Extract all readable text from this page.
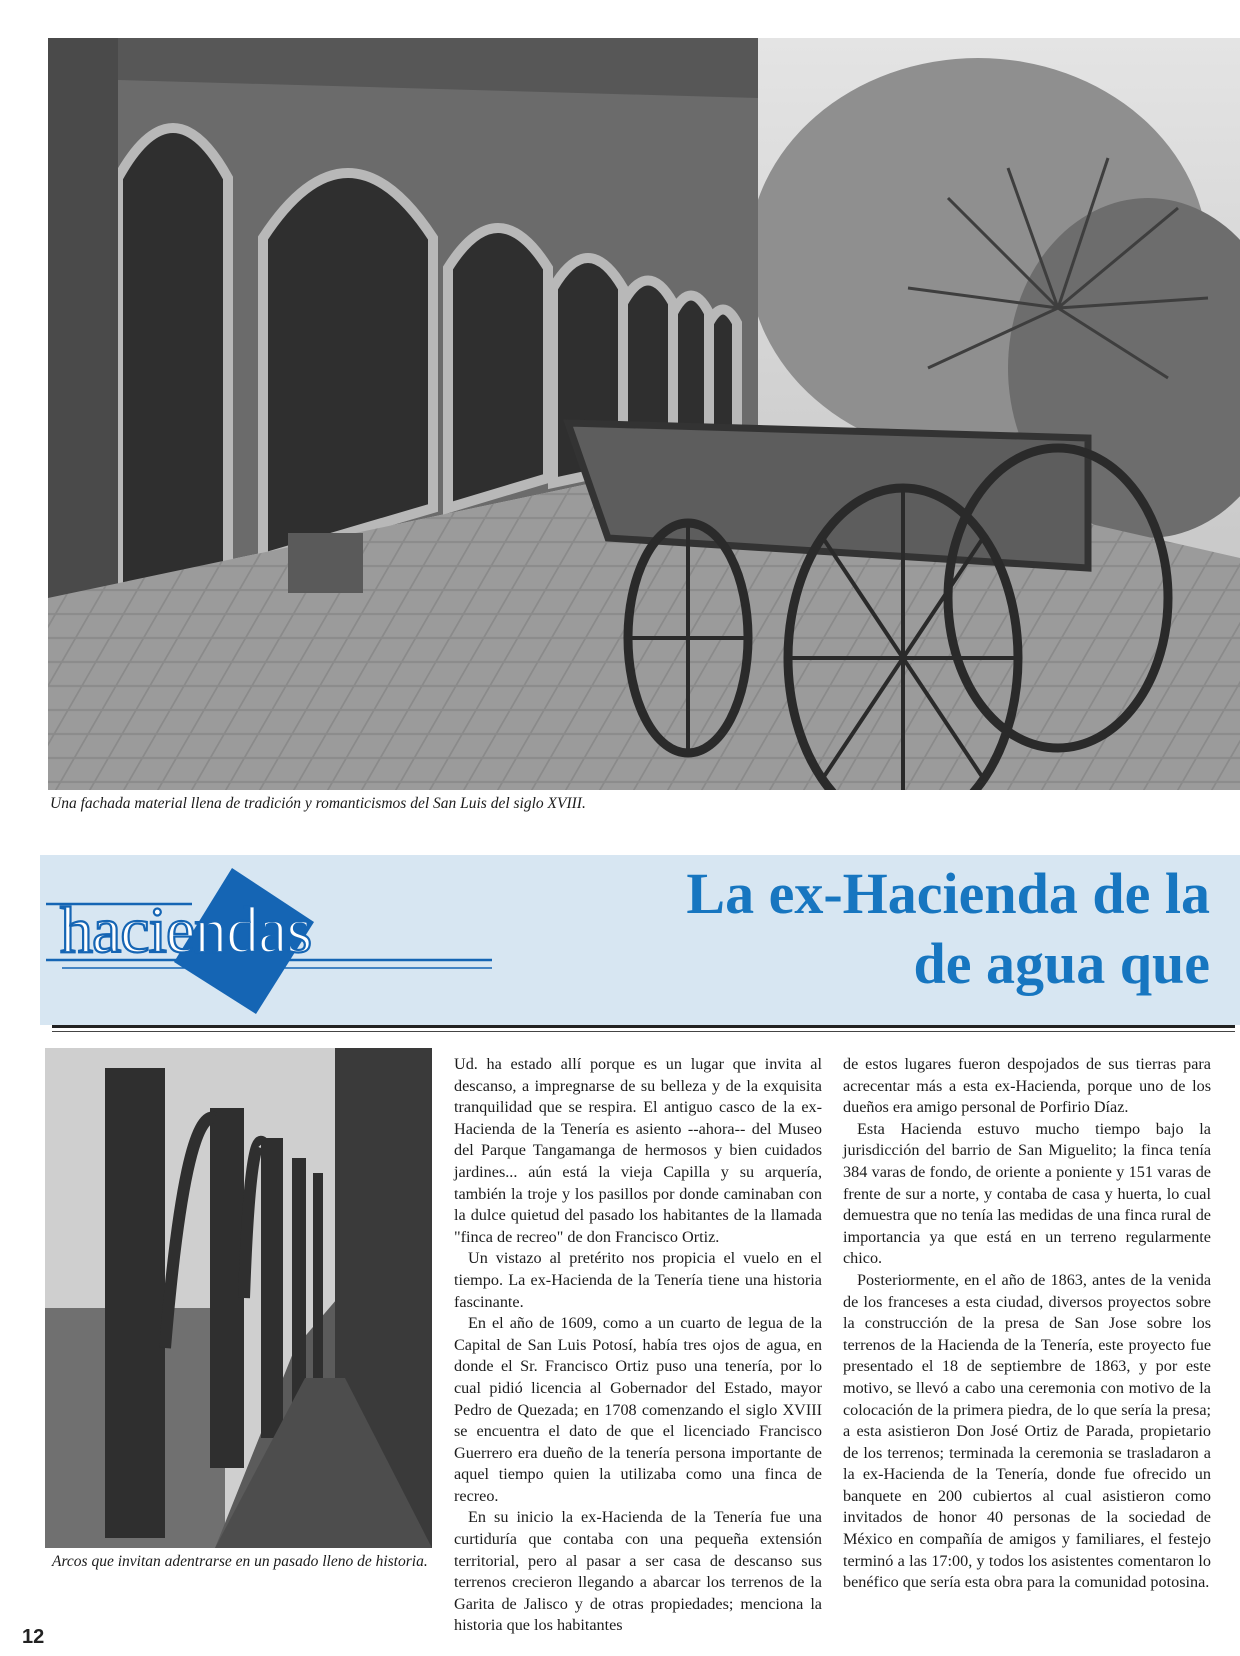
Una fachada material llena de tradición y romanticismos del San Luis del siglo XVIII.

La ex-Hacienda de la
de agua que
haciendas

Arcos que invitan adentrarse en un pasado lleno de historia.

Ud. ha estado allí porque es un lugar que invita al descanso, a impregnarse de su belleza y de la exquisita tranquilidad que se respira. El antiguo casco de la ex-Hacienda de la Tenería es asiento --ahora-- del Museo del Parque Tangamanga de hermosos y bien cuidados jardines... aún está la vieja Capilla y su arquería, también la troje y los pasillos por donde caminaban con la dulce quietud del pasado los habitantes de la llamada "finca de recreo" de don Francisco Ortiz.

Un vistazo al pretérito nos propicia el vuelo en el tiempo. La ex-Hacienda de la Tenería tiene una historia fascinante.

En el año de 1609, como a un cuarto de legua de la Capital de San Luis Potosí, había tres ojos de agua, en donde el Sr. Francisco Ortiz puso una tenería, por lo cual pidió licencia al Gobernador del Estado, mayor Pedro de Quezada; en 1708 comenzando el siglo XVIII se encuentra el dato de que el licenciado Francisco Guerrero era dueño de la tenería persona importante de aquel tiempo quien la utilizaba como una finca de recreo.

En su inicio la ex-Hacienda de la Tenería fue una curtiduría que contaba con una pequeña extensión territorial, pero al pasar a ser casa de descanso sus terrenos crecieron llegando a abarcar los terrenos de la Garita de Jalisco y de otras propiedades; menciona la historia que los habitantes

de estos lugares fueron despojados de sus tierras para acrecentar más a esta ex-Hacienda, porque uno de los dueños era amigo personal de Porfirio Díaz.

Esta Hacienda estuvo mucho tiempo bajo la jurisdicción del barrio de San Miguelito; la finca tenía 384 varas de fondo, de oriente a poniente y 151 varas de frente de sur a norte, y contaba de casa y huerta, lo cual demuestra que no tenía las medidas de una finca rural de importancia ya que está en un terreno regularmente chico.

Posteriormente, en el año de 1863, antes de la venida de los franceses a esta ciudad, diversos proyectos sobre la construcción de la presa de San Jose sobre los terrenos de la Hacienda de la Tenería, este proyecto fue presentado el 18 de septiembre de 1863, y por este motivo, se llevó a cabo una ceremonia con motivo de la colocación de la primera piedra, de lo que sería la presa; a esta asistieron Don José Ortiz de Parada, propietario de los terrenos; terminada la ceremonia se trasladaron a la ex-Hacienda de la Tenería, donde fue ofrecido un banquete en 200 cubiertos al cual asistieron como invitados de honor 40 personas de la sociedad de México en compañía de amigos y familiares, el festejo terminó a las 17:00, y todos los asistentes comentaron lo benéfico que sería esta obra para la comunidad potosina.

12
